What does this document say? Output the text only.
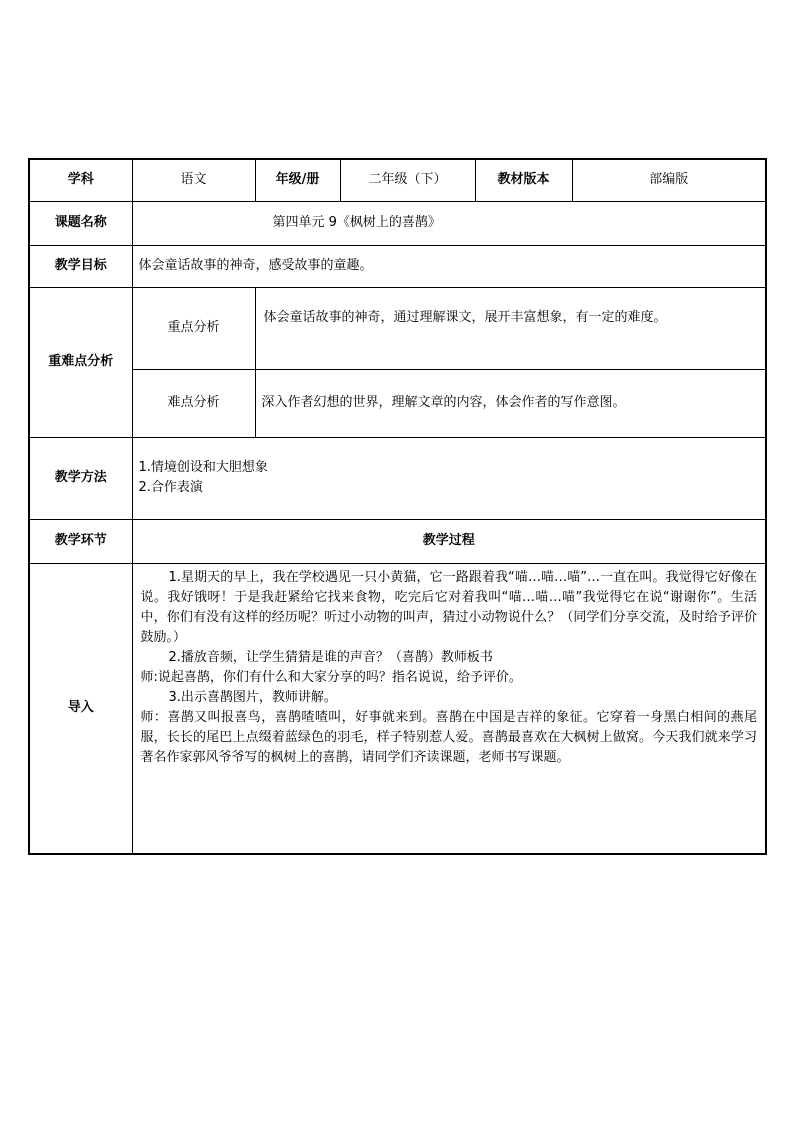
学科	语文	年级/册	二年级（下）	教材版本	部编版
课题名称	第四单元 9《枫树上的喜鹊》				
教学目标	体会童话故事的神奇，感受故事的童趣。				
重难点分析	重点分析	体会童话故事的神奇，通过理解课文，展开丰富想象，有一定的难度。			
	难点分析	深入作者幻想的世界，理解文章的内容，体会作者的写作意图。			
教学方法	1.情境创设和大胆想象

2.合作表演				

教学环节	教学过程				
导入	1.星期天的早上，我在学校遇见一只小黄猫，它一路跟着我“喵…喵…喵”…一直在叫。我觉得它好像在说。我好饿呀！于是我赶紧给它找来食物，吃完后它对着我叫“喵…喵…喵”我觉得它在说“谢谢你”。生活中，你们有没有这样的经历呢？听过小动物的叫声，猜过小动物说什么？（同学们分享交流，及时给予评价鼓励。）

2.播放音频，让学生猜猜是谁的声音？（喜鹊）教师板书

师:说起喜鹊，你们有什么和大家分享的吗？指名说说，给予评价。

3.出示喜鹊图片，教师讲解。

师：喜鹊又叫报喜鸟，喜鹊喳喳叫，好事就来到。喜鹊在中国是吉祥的象征。它穿着一身黑白相间的燕尾服，长长的尾巴上点缀着蓝绿色的羽毛，样子特别惹人爱。喜鹊最喜欢在大枫树上做窝。今天我们就来学习著名作家郭风爷爷写的枫树上的喜鹊，请同学们齐读课题，老师书写课题。				
